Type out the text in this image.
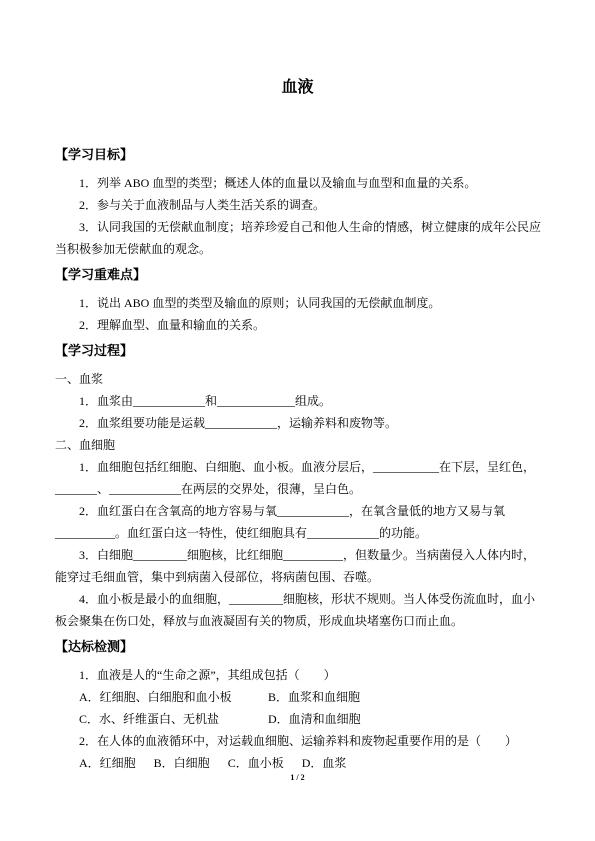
血液
【学习目标】

1．列举 ABO 血型的类型；概述人体的血量以及输血与血型和血量的关系。

2．参与关于血液制品与人类生活关系的调查。

3．认同我国的无偿献血制度；培养珍爱自己和他人生命的情感，树立健康的成年公民应当积极参加无偿献血的观念。

【学习重难点】

1．说出 ABO 血型的类型及输血的原则；认同我国的无偿献血制度。

2．理解血型、血量和输血的关系。

【学习过程】
一、血浆

1．血浆由____________和_____________组成。

2．血浆组要功能是运载____________，运输养料和废物等。

二、血细胞

1．血细胞包括红细胞、白细胞、血小板。血液分层后，___________在下层，呈红色，_______、____________在两层的交界处，很薄，呈白色。

2．血红蛋白在含氧高的地方容易与氧____________，在氧含量低的地方又易与氧__________。血红蛋白这一特性，使红细胞具有____________的功能。

3．白细胞_________细胞核，比红细胞__________，但数量少。当病菌侵入人体内时，能穿过毛细血管，集中到病菌入侵部位，将病菌包围、吞噬。

4．血小板是最小的血细胞，_________细胞核，形状不规则。当人体受伤流血时，血小板会聚集在伤口处，释放与血液凝固有关的物质，形成血块堵塞伤口而止血。

【达标检测】

1．血液是人的“生命之源”，其组成包括（　　）

A．红细胞、白细胞和血小板	B．血浆和血细胞
C．水、纤维蛋白、无机盐	D．血清和血细胞

2．在人体的血液循环中，对运载血细胞、运输养料和废物起重要作用的是（　　）

A．红细胞 B．白细胞 C．血小板 D．血浆
1 / 2
